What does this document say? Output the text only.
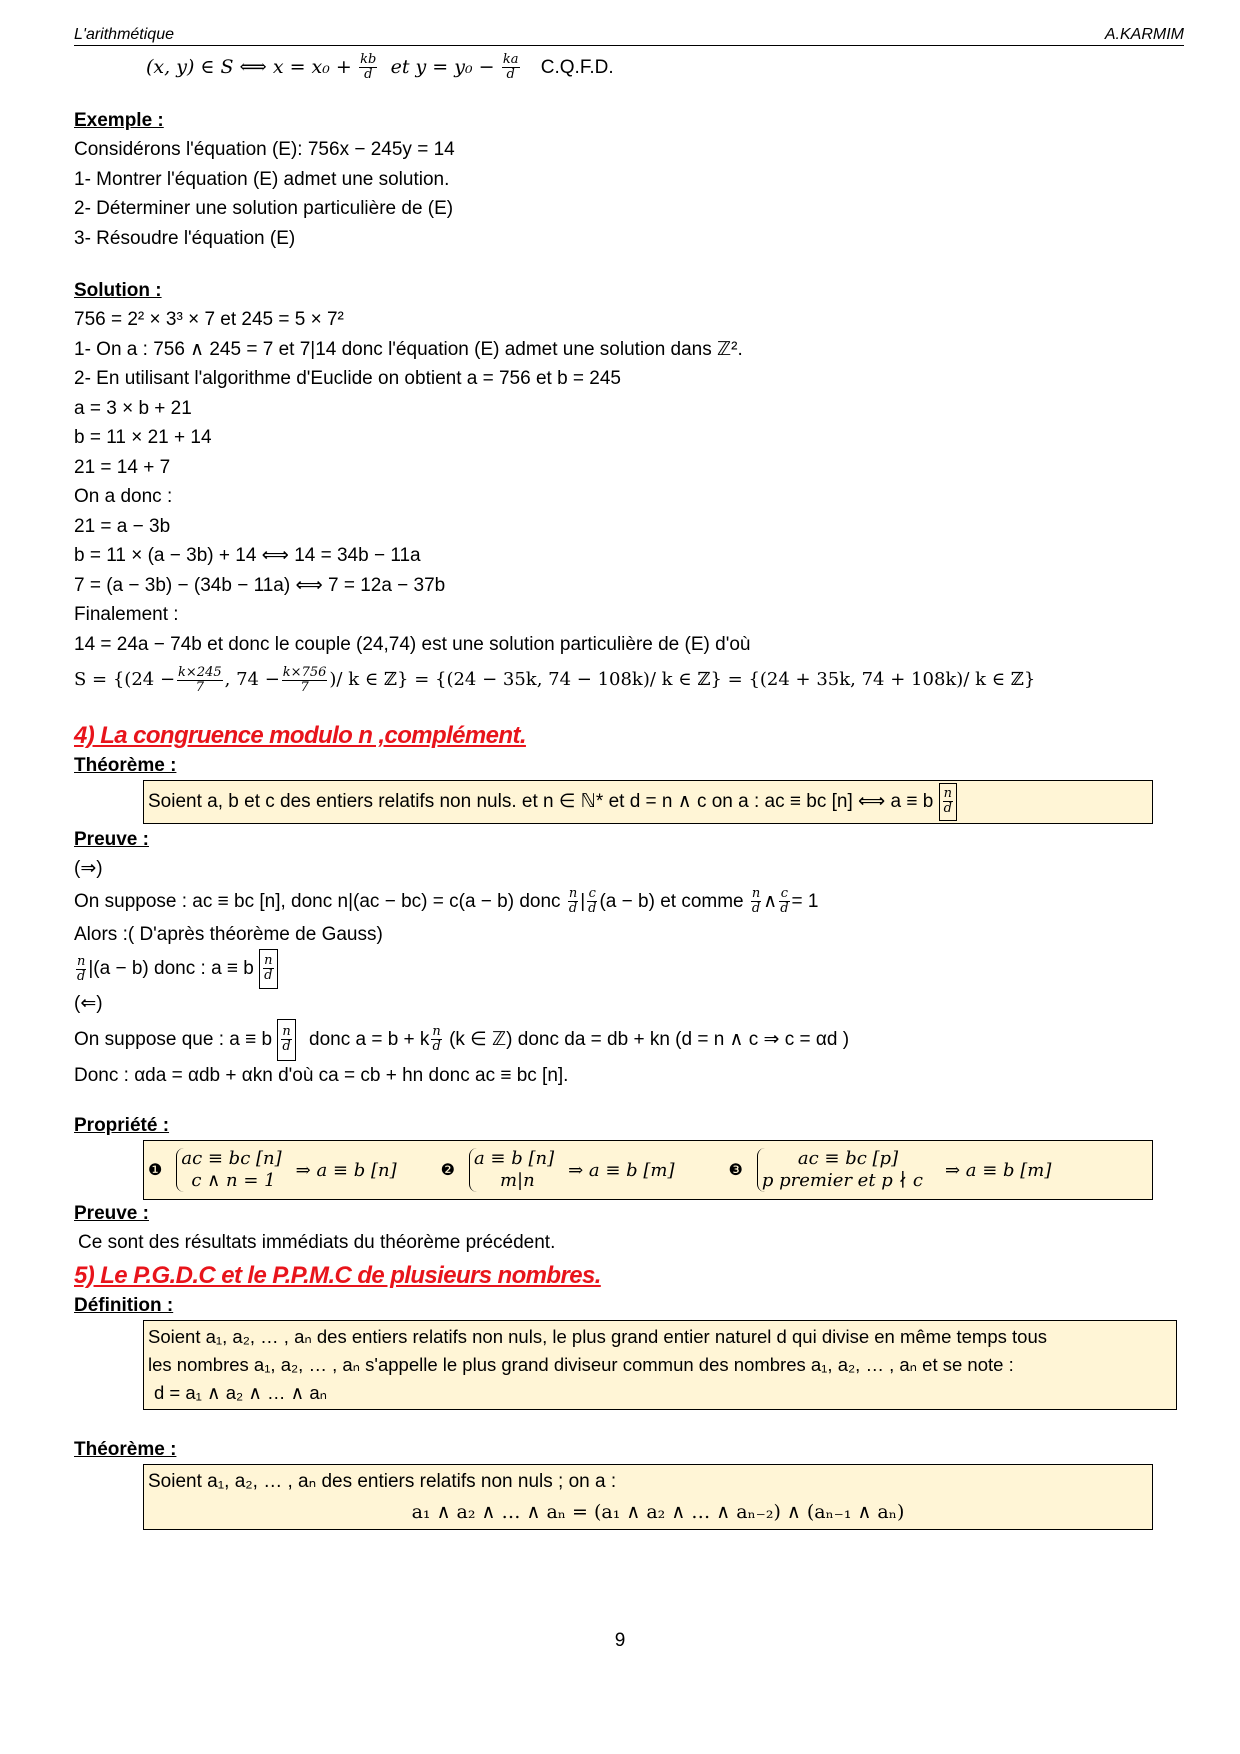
L'arithmétique	A.KARMIM
(x, y) ∈ S ⟺ $x = x_0 + \frac{kb}{d}$ et $y = y_0 - \frac{ka}{d} C.Q.F.D$.
Exemple :
Considérons l'équation (E): 756x − 245y = 14
1- Montrer l'équation (E) admet une solution.
2- Déterminer une solution particulière de (E)
3- Résoudre l'équation (E)
Solution :
756 = 2² × 3³ × 7 et 245 = 5 × 7²
1- On a : 756 ∧ 245 = 7 et 7|14 donc l'équation (E) admet une solution dans ℤ².
2- En utilisant l'algorithme d'Euclide on obtient a = 756 et b = 245
a = 3 × b + 21
b = 11 × 21 + 14
21 = 14 + 7
On a donc :
21 = a − 3b
b = 11 × (a − 3b) + 14 ⟺ 14 = 34b − 11a
7 = (a − 3b) − (34b − 11a) ⟺ 7 = 12a − 37b
Finalement :
14 = 24a − 74b et donc le couple (24,74) est une solution particulière de (E) d'où
$S = \{(24 - \frac{k\times 245}{7}$ , $74 - \frac{k\times 756}{7}$ )/ k ∈ ℤ} = {(24 − 35k, 74 − 108k)/ k ∈ ℤ} = {(24 + 35k, 74 + 108k)/ k ∈ ℤ}
4) La congruence modulo n ,complément.
Théorème :
Soient a, b et c des entiers relatifs non nuls. et n ∈ ℕ* et d = n ∧ c on a : ac ≡ bc [n] ⟺ a ≡ b $\frac{n}{d}$
Preuve :
(⇒)
On suppose : ac ≡ bc [n], donc n|(ac − bc) = c(a − b) donc $\frac{n}{d}$ | $\frac{c}{d} (a - b)$ et comme $\frac{n}{d}$ ∧ $\frac{c}{d} = 1$
Alors :( D'après théorème de Gauss)
$\frac{n}{d} |(a - b)$ donc : a ≡ b $\frac{n}{d}$
(⇐)
On suppose que : a ≡ b $\frac{n}{d}$ donc a = b + k $\frac{n}{d} (k$ ∈ ℤ) donc da = db + kn (d = n ∧ c ⇒ c = αd )
Donc : αda = αdb + αkn d'où ca = cb + hn donc ac ≡ bc [n].
Propriété :
❶
ac ≡ bc [n]
c ∧ n = 1	⇒ a ≡ b [n]	❷
a ≡ b [n]
m|n	⇒ a ≡ b [m]	❸
ac ≡ bc [p]
p premier et p ∤ c ⇒ a ≡ b [m]
Preuve :
Ce sont des résultats immédiats du théorème précédent.
5) Le P.G.D.C et le P.P.M.C de plusieurs nombres.
Définition :
Soient a₁, a₂, … , aₙ des entiers relatifs non nuls, le plus grand entier naturel d qui divise en même temps tous
les nombres a₁, a₂, … , aₙ s'appelle le plus grand diviseur commun des nombres a₁, a₂, … , aₙ et se note :
d = a₁ ∧ a₂ ∧ … ∧ aₙ
Théorème :
Soient a₁, a₂, … , aₙ des entiers relatifs non nuls ; on a :
a₁ ∧ a₂ ∧ … ∧ aₙ = (a₁ ∧ a₂ ∧ … ∧ aₙ₋₂) ∧ (aₙ₋₁ ∧ aₙ)
9
